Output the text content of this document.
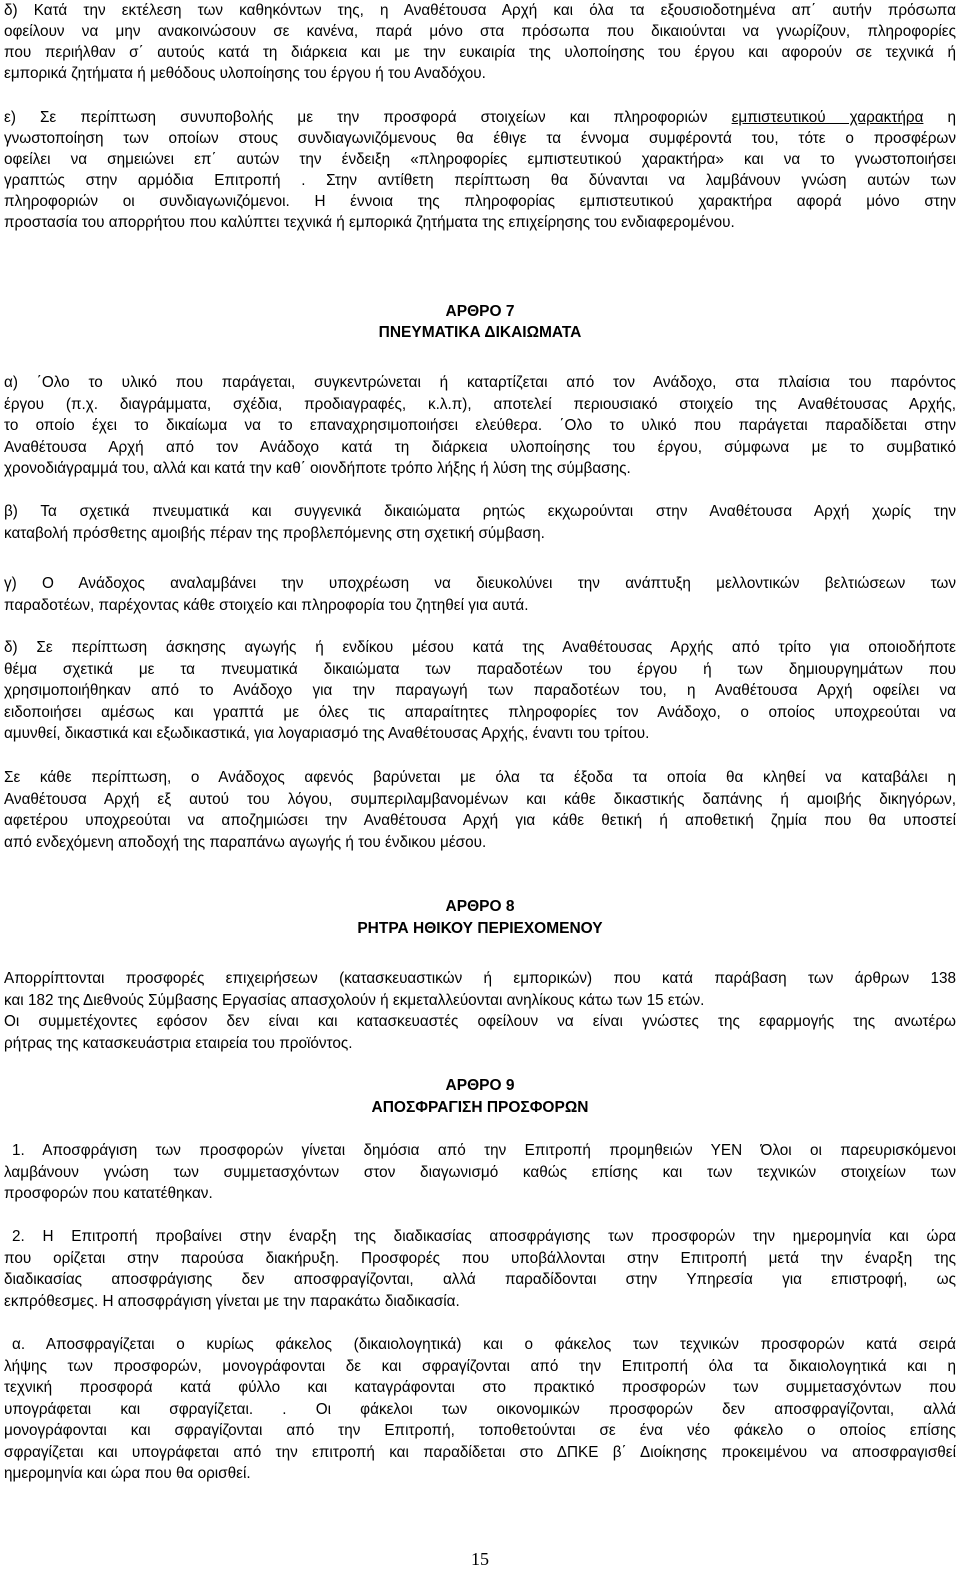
δ) Κατά την εκτέλεση των καθηκόντων της, η Αναθέτουσα Αρχή και όλα τα εξουσιοδοτημένα απ΄ αυτήν πρόσωπα
οφείλουν να μην ανακοινώσουν σε κανένα, παρά μόνο στα πρόσωπα που δικαιούνται να γνωρίζουν, πληροφορίες
που περιήλθαν σ΄ αυτούς κατά τη διάρκεια και με την ευκαιρία της υλοποίησης του έργου και αφορούν σε τεχνικά ή
εμπορικά ζητήματα ή μεθόδους υλοποίησης του έργου ή του Αναδόχου.
ε) Σε περίπτωση συνυποβολής με την προσφορά στοιχείων και πληροφοριών εμπιστευτικού χαρακτήρα η
γνωστοποίηση των οποίων στους συνδιαγωνιζόμενους θα έθιγε τα έννομα συμφέροντά του, τότε ο προσφέρων
οφείλει να σημειώνει επ΄ αυτών την ένδειξη «πληροφορίες εμπιστευτικού χαρακτήρα» και να το γνωστοποιήσει
γραπτώς στην αρμόδια Επιτροπή . Στην αντίθετη περίπτωση θα δύνανται να λαμβάνουν γνώση αυτών των
πληροφοριών οι συνδιαγωνιζόμενοι. Η έννοια της πληροφορίας εμπιστευτικού χαρακτήρα αφορά μόνο στην
προστασία του απορρήτου που καλύπτει τεχνικά ή εμπορικά ζητήματα της επιχείρησης του ενδιαφερομένου.
ΑΡΘΡΟ 7
ΠΝΕΥΜΑΤΙΚΑ ΔΙΚΑΙΩΜΑΤΑ
α) ΄Ολο το υλικό που παράγεται, συγκεντρώνεται ή καταρτίζεται από τον Ανάδοχο, στα πλαίσια του παρόντος
έργου (π.χ. διαγράμματα, σχέδια, προδιαγραφές, κ.λ.π), αποτελεί περιουσιακό στοιχείο της Αναθέτουσας Αρχής,
το οποίο έχει το δικαίωμα να το επαναχρησιμοποιήσει ελεύθερα. ΄Ολο το υλικό που παράγεται παραδίδεται στην
Αναθέτουσα Αρχή από τον Ανάδοχο κατά τη διάρκεια υλοποίησης του έργου, σύμφωνα με το συμβατικό
χρονοδιάγραμμά του, αλλά και κατά την καθ΄ οιονδήποτε τρόπο λήξης ή λύση της σύμβασης.
β) Τα σχετικά πνευματικά και συγγενικά δικαιώματα ρητώς εκχωρούνται στην Αναθέτουσα Αρχή χωρίς την
καταβολή πρόσθετης αμοιβής πέραν της προβλεπόμενης στη σχετική σύμβαση.
γ) Ο Ανάδοχος αναλαμβάνει την υποχρέωση να διευκολύνει την ανάπτυξη μελλοντικών βελτιώσεων των
παραδοτέων, παρέχοντας κάθε στοιχείο και πληροφορία του ζητηθεί για αυτά.
δ) Σε περίπτωση άσκησης αγωγής ή ενδίκου μέσου κατά της Αναθέτουσας Αρχής από τρίτο για οποιοδήποτε
θέμα σχετικά με τα πνευματικά δικαιώματα των παραδοτέων του έργου ή των δημιουργημάτων που
χρησιμοποιήθηκαν από το Ανάδοχο για την παραγωγή των παραδοτέων του, η Αναθέτουσα Αρχή οφείλει να
ειδοποιήσει αμέσως και γραπτά με όλες τις απαραίτητες πληροφορίες τον Ανάδοχο, ο οποίος υποχρεούται να
αμυνθεί, δικαστικά και εξωδικαστικά, για λογαριασμό της Αναθέτουσας Αρχής, έναντι του τρίτου.
Σε κάθε περίπτωση, ο Ανάδοχος αφενός βαρύνεται με όλα τα έξοδα τα οποία θα κληθεί να καταβάλει η
Αναθέτουσα Αρχή εξ αυτού του λόγου, συμπεριλαμβανομένων και κάθε δικαστικής δαπάνης ή αμοιβής δικηγόρων,
αφετέρου υποχρεούται να αποζημιώσει την Αναθέτουσα Αρχή για κάθε θετική ή αποθετική ζημία που θα υποστεί
από ενδεχόμενη αποδοχή της παραπάνω αγωγής ή του ένδικου μέσου.
ΑΡΘΡΟ 8
ΡΗΤΡΑ ΗΘΙΚΟΥ ΠΕΡΙΕΧΟΜΕΝΟΥ
Απορρίπτονται προσφορές επιχειρήσεων (κατασκευαστικών ή εμπορικών) που κατά παράβαση των άρθρων 138
και 182 της Διεθνούς Σύμβασης Εργασίας απασχολούν ή εκμεταλλεύονται ανηλίκους κάτω των 15 ετών.
Οι συμμετέχοντες εφόσον δεν είναι και κατασκευαστές οφείλουν να είναι γνώστες της εφαρμογής της ανωτέρω
ρήτρας της κατασκευάστρια εταιρεία του προϊόντος.
ΑΡΘΡΟ 9
ΑΠΟΣΦΡΑΓΙΣΗ ΠΡΟΣΦΟΡΩΝ
1. Αποσφράγιση των προσφορών γίνεται δημόσια από την Επιτροπή προμηθειών ΥΕΝ Όλοι οι παρευρισκόμενοι
λαμβάνουν γνώση των συμμετασχόντων στον διαγωνισμό καθώς επίσης και των τεχνικών στοιχείων των
προσφορών που κατατέθηκαν.
2. Η Επιτροπή προβαίνει στην έναρξη της διαδικασίας αποσφράγισης των προσφορών την ημερομηνία και ώρα
που ορίζεται στην παρούσα διακήρυξη. Προσφορές που υποβάλλονται στην Επιτροπή μετά την έναρξη της
διαδικασίας αποσφράγισης δεν αποσφραγίζονται, αλλά παραδίδονται στην Υπηρεσία για επιστροφή, ως
εκπρόθεσμες. Η αποσφράγιση γίνεται με την παρακάτω διαδικασία.
α. Αποσφραγίζεται ο κυρίως φάκελος (δικαιολογητικά) και ο φάκελος των τεχνικών προσφορών κατά σειρά
λήψης των προσφορών, μονογράφονται δε και σφραγίζονται από την Επιτροπή όλα τα δικαιολογητικά και η
τεχνική προσφορά κατά φύλλο και καταγράφονται στο πρακτικό προσφορών των συμμετασχόντων που
υπογράφεται και σφραγίζεται. . Οι φάκελοι των οικονομικών προσφορών δεν αποσφραγίζονται, αλλά
μονογράφονται και σφραγίζονται από την Επιτροπή, τοποθετούνται σε ένα νέο φάκελο ο οποίος επίσης
σφραγίζεται και υπογράφεται από την επιτροπή και παραδίδεται στο ΔΠΚΕ β΄ Διοίκησης προκειμένου να αποσφραγισθεί
ημερομηνία και ώρα που θα ορισθεί.
15
